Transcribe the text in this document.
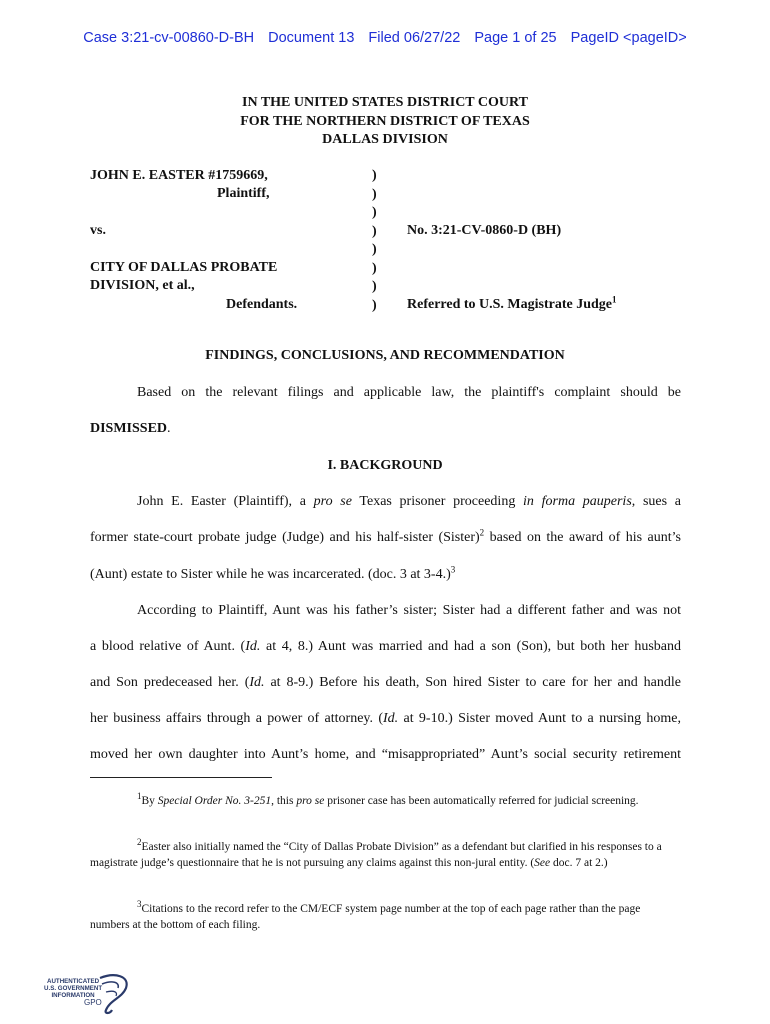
Case 3:21-cv-00860-D-BH Document 13 Filed 06/27/22 Page 1 of 25 PageID <pageID>
IN THE UNITED STATES DISTRICT COURT
FOR THE NORTHERN DISTRICT OF TEXAS
DALLAS DIVISION
JOHN E. EASTER #1759669,
Plaintiff,
vs.
CITY OF DALLAS PROBATE
DIVISION, et al.,
Defendants.
)
)
)
)
)
)
)
)
No. 3:21-CV-0860-D (BH)
Referred to U.S. Magistrate Judge$^1$
FINDINGS, CONCLUSIONS, AND RECOMMENDATION
Based on the relevant filings and applicable law, the plaintiff's complaint should be
DISMISSED.
I. BACKGROUND
John E. Easter (Plaintiff), a pro se Texas prisoner proceeding in forma pauperis, sues a
former state-court probate judge (Judge) and his half-sister (Sister)$^2$ based on the award of his aunt’s
(Aunt) estate to Sister while he was incarcerated. (doc. 3 at 3-4.)$^3$
According to Plaintiff, Aunt was his father’s sister; Sister had a different father and was not
a blood relative of Aunt. (Id. at 4, 8.) Aunt was married and had a son (Son), but both her husband
and Son predeceased her. (Id. at 8-9.) Before his death, Son hired Sister to care for her and handle
her business affairs through a power of attorney. (Id. at 9-10.) Sister moved Aunt to a nursing home,
moved her own daughter into Aunt’s home, and “misappropriated” Aunt’s social security retirement
$^1$By Special Order No. 3-251, this pro se prisoner case has been automatically referred for judicial screening.
$^2$Easter also initially named the “City of Dallas Probate Division” as a defendant but clarified in his responses to a magistrate judge’s questionnaire that he is not pursuing any claims against this non-jural entity. (See doc. 7 at 2.)
$^3$Citations to the record refer to the CM/ECF system page number at the top of each page rather than the page numbers at the bottom of each filing.
AUTHENTICATED
U.S. GOVERNMENT
INFORMATION
GPO
